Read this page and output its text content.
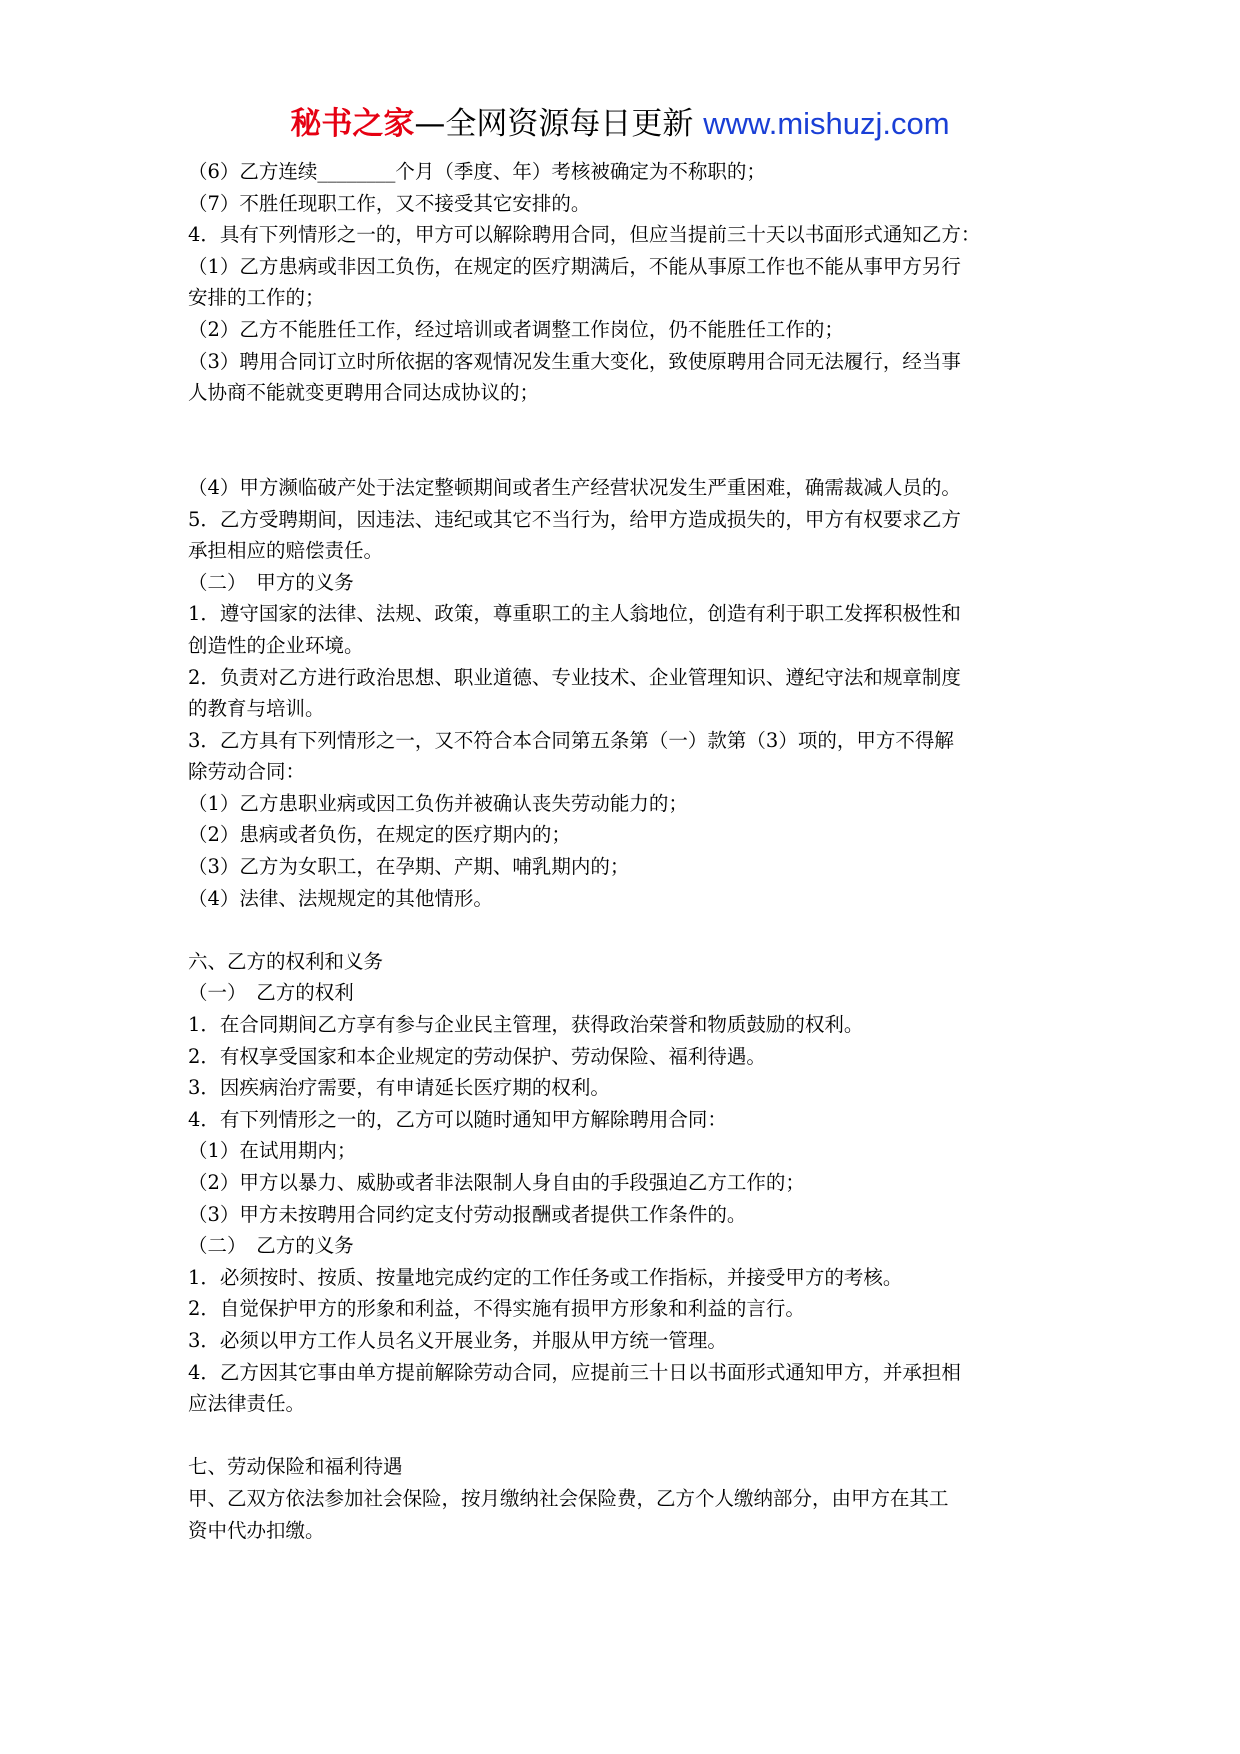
秘书之家—全网资源每日更新 www.mishuzj.com
（6）乙方连续________个月（季度、年）考核被确定为不称职的；
（7）不胜任现职工作，又不接受其它安排的。
4．具有下列情形之一的，甲方可以解除聘用合同，但应当提前三十天以书面形式通知乙方：
（1）乙方患病或非因工负伤，在规定的医疗期满后，不能从事原工作也不能从事甲方另行
安排的工作的；
（2）乙方不能胜任工作，经过培训或者调整工作岗位，仍不能胜任工作的；
（3）聘用合同订立时所依据的客观情况发生重大变化，致使原聘用合同无法履行，经当事
人协商不能就变更聘用合同达成协议的；
（4）甲方濒临破产处于法定整顿期间或者生产经营状况发生严重困难，确需裁减人员的。
5．乙方受聘期间，因违法、违纪或其它不当行为，给甲方造成损失的，甲方有权要求乙方
承担相应的赔偿责任。
（二）　甲方的义务
1．遵守国家的法律、法规、政策，尊重职工的主人翁地位，创造有利于职工发挥积极性和
创造性的企业环境。
2．负责对乙方进行政治思想、职业道德、专业技术、企业管理知识、遵纪守法和规章制度
的教育与培训。
3．乙方具有下列情形之一，又不符合本合同第五条第（一）款第（3）项的，甲方不得解
除劳动合同：
（1）乙方患职业病或因工负伤并被确认丧失劳动能力的；
（2）患病或者负伤，在规定的医疗期内的；
（3）乙方为女职工，在孕期、产期、哺乳期内的；
（4）法律、法规规定的其他情形。
六、乙方的权利和义务
（一）　乙方的权利
1．在合同期间乙方享有参与企业民主管理，获得政治荣誉和物质鼓励的权利。
2．有权享受国家和本企业规定的劳动保护、劳动保险、福利待遇。
3．因疾病治疗需要，有申请延长医疗期的权利。
4．有下列情形之一的，乙方可以随时通知甲方解除聘用合同：
（1）在试用期内；
（2）甲方以暴力、威胁或者非法限制人身自由的手段强迫乙方工作的；
（3）甲方未按聘用合同约定支付劳动报酬或者提供工作条件的。
（二）　乙方的义务
1．必须按时、按质、按量地完成约定的工作任务或工作指标，并接受甲方的考核。
2．自觉保护甲方的形象和利益，不得实施有损甲方形象和利益的言行。
3．必须以甲方工作人员名义开展业务，并服从甲方统一管理。
4．乙方因其它事由单方提前解除劳动合同，应提前三十日以书面形式通知甲方，并承担相
应法律责任。
七、劳动保险和福利待遇
甲、乙双方依法参加社会保险，按月缴纳社会保险费，乙方个人缴纳部分，由甲方在其工
资中代办扣缴。
